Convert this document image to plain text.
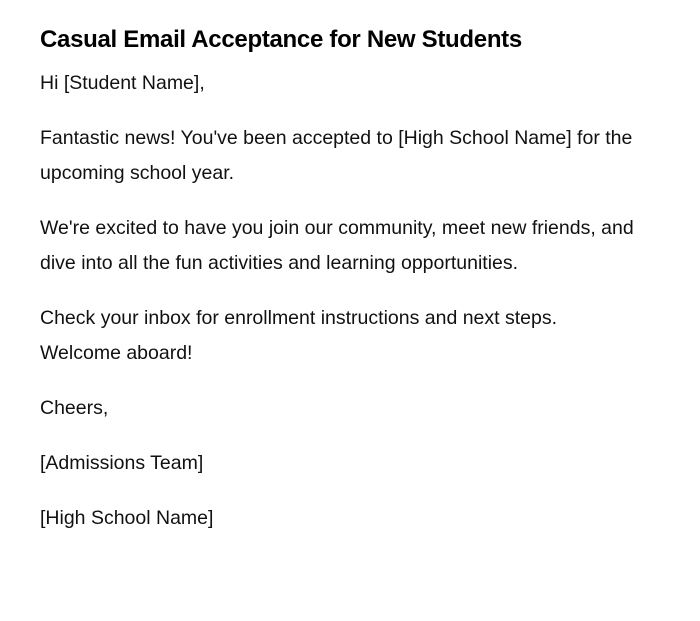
Casual Email Acceptance for New Students

Hi [Student Name],

Fantastic news! You've been accepted to [High School Name] for the upcoming school year.

We're excited to have you join our community, meet new friends, and dive into all the fun activities and learning opportunities.

Check your inbox for enrollment instructions and next steps. Welcome aboard!

Cheers,

[Admissions Team]

[High School Name]
